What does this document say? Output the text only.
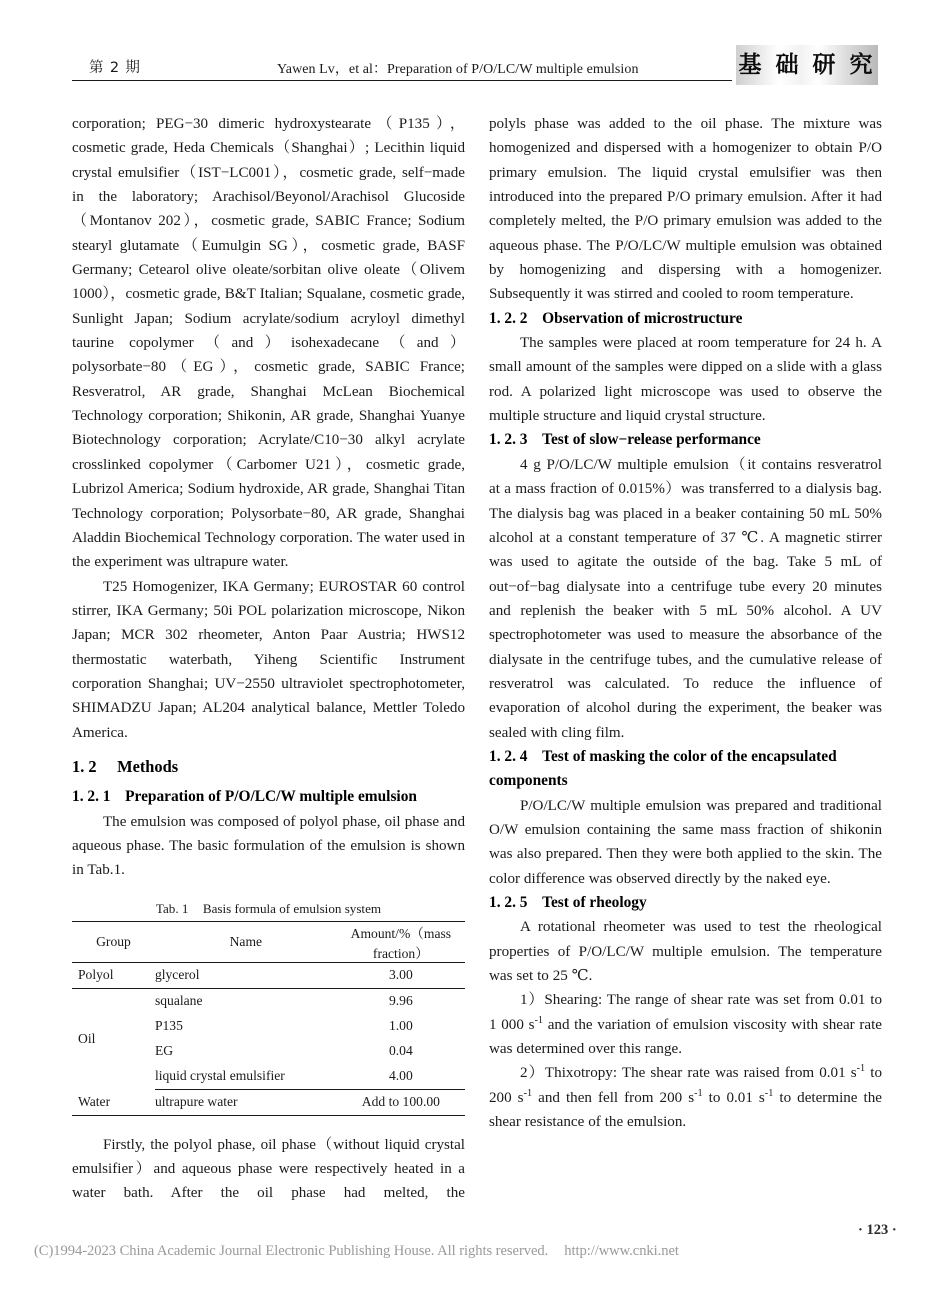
第 2 期	Yawen Lv，et al：Preparation of P/O/LC/W multiple emulsion	基 础 研 究

corporation; PEG−30 dimeric hydroxystearate（P135），cosmetic grade, Heda Chemicals（Shanghai）; Lecithin liquid crystal emulsifier（IST−LC001），cosmetic grade, self−made in the laboratory; Arachisol/Beyonol/Arachisol Glucoside（Montanov 202），cosmetic grade, SABIC France; Sodium stearyl glutamate（Eumulgin SG），cosmetic grade, BASF Germany; Cetearol olive oleate/sorbitan olive oleate（Olivem 1000），cosmetic grade, B&T Italian; Squalane, cosmetic grade, Sunlight Japan; Sodium acrylate/sodium acryloyl dimethyl taurine copolymer（and）isohexadecane（and）polysorbate−80（EG），cosmetic grade, SABIC France; Resveratrol, AR grade, Shanghai McLean Biochemical Technology corporation; Shikonin, AR grade, Shanghai Yuanye Biotechnology corporation; Acrylate/C10−30 alkyl acrylate crosslinked copolymer（Carbomer U21），cosmetic grade, Lubrizol America; Sodium hydroxide, AR grade, Shanghai Titan Technology corporation; Polysorbate−80, AR grade, Shanghai Aladdin Biochemical Technology corporation. The water used in the experiment was ultrapure water.

T25 Homogenizer, IKA Germany; EUROSTAR 60 control stirrer, IKA Germany; 50i POL polarization microscope, Nikon Japan; MCR 302 rheometer, Anton Paar Austria; HWS12 thermostatic waterbath, Yiheng Scientific Instrument corporation Shanghai; UV−2550 ultraviolet spectrophotometer, SHIMADZU Japan; AL204 analytical balance, Mettler Toledo America.

1. 2 Methods
1. 2. 1 Preparation of P/O/LC/W multiple emulsion

The emulsion was composed of polyol phase, oil phase and aqueous phase. The basic formulation of the emulsion is shown in Tab.1.

Tab. 1 Basis formula of emulsion system
Group	Name	Amount/%（mass fraction）
Polyol	glycerol	3.00
Oil	squalane	9.96
	P135	1.00
	EG	0.04
	liquid crystal emulsifier	4.00
Water	ultrapure water	Add to 100.00

Firstly, the polyol phase, oil phase（without liquid crystal emulsifier）and aqueous phase were respectively heated in a water bath. After the oil phase had melted, the

polyls phase was added to the oil phase. The mixture was homogenized and dispersed with a homogenizer to obtain P/O primary emulsion. The liquid crystal emulsifier was then introduced into the prepared P/O primary emulsion. After it had completely melted, the P/O primary emulsion was added to the aqueous phase. The P/O/LC/W multiple emulsion was obtained by homogenizing and dispersing with a homogenizer. Subsequently it was stirred and cooled to room temperature.

1. 2. 2 Observation of microstructure

The samples were placed at room temperature for 24 h. A small amount of the samples were dipped on a slide with a glass rod. A polarized light microscope was used to observe the multiple structure and liquid crystal structure.

1. 2. 3 Test of slow−release performance

4 g P/O/LC/W multiple emulsion（it contains resveratrol at a mass fraction of 0.015%）was transferred to a dialysis bag. The dialysis bag was placed in a beaker containing 50 mL 50% alcohol at a constant temperature of 37 ℃. A magnetic stirrer was used to agitate the outside of the bag. Take 5 mL of out−of−bag dialysate into a centrifuge tube every 20 minutes and replenish the beaker with 5 mL 50% alcohol. A UV spectrophotometer was used to measure the absorbance of the dialysate in the centrifuge tubes, and the cumulative release of resveratrol was calculated. To reduce the influence of evaporation of alcohol during the experiment, the beaker was sealed with cling film.

1. 2. 4 Test of masking the color of the encapsulated components

P/O/LC/W multiple emulsion was prepared and traditional O/W emulsion containing the same mass fraction of shikonin was also prepared. Then they were both applied to the skin. The color difference was observed directly by the naked eye.

1. 2. 5 Test of rheology

A rotational rheometer was used to test the rheological properties of P/O/LC/W multiple emulsion. The temperature was set to 25 ℃.

1）Shearing: The range of shear rate was set from 0.01 to 1 000 $s^{-1}$ and the variation of emulsion viscosity with shear rate was determined over this range.

2）Thixotropy: The shear rate was raised from 0.01 $s^{-1}$ to 200 $s^{-1}$ and then fell from 200 $s^{-1}$ to 0.01 $s^{-1}$ to determine the shear resistance of the emulsion.

· 123 ·
(C)1994-2023 China Academic Journal Electronic Publishing House. All rights reserved. http://www.cnki.net
